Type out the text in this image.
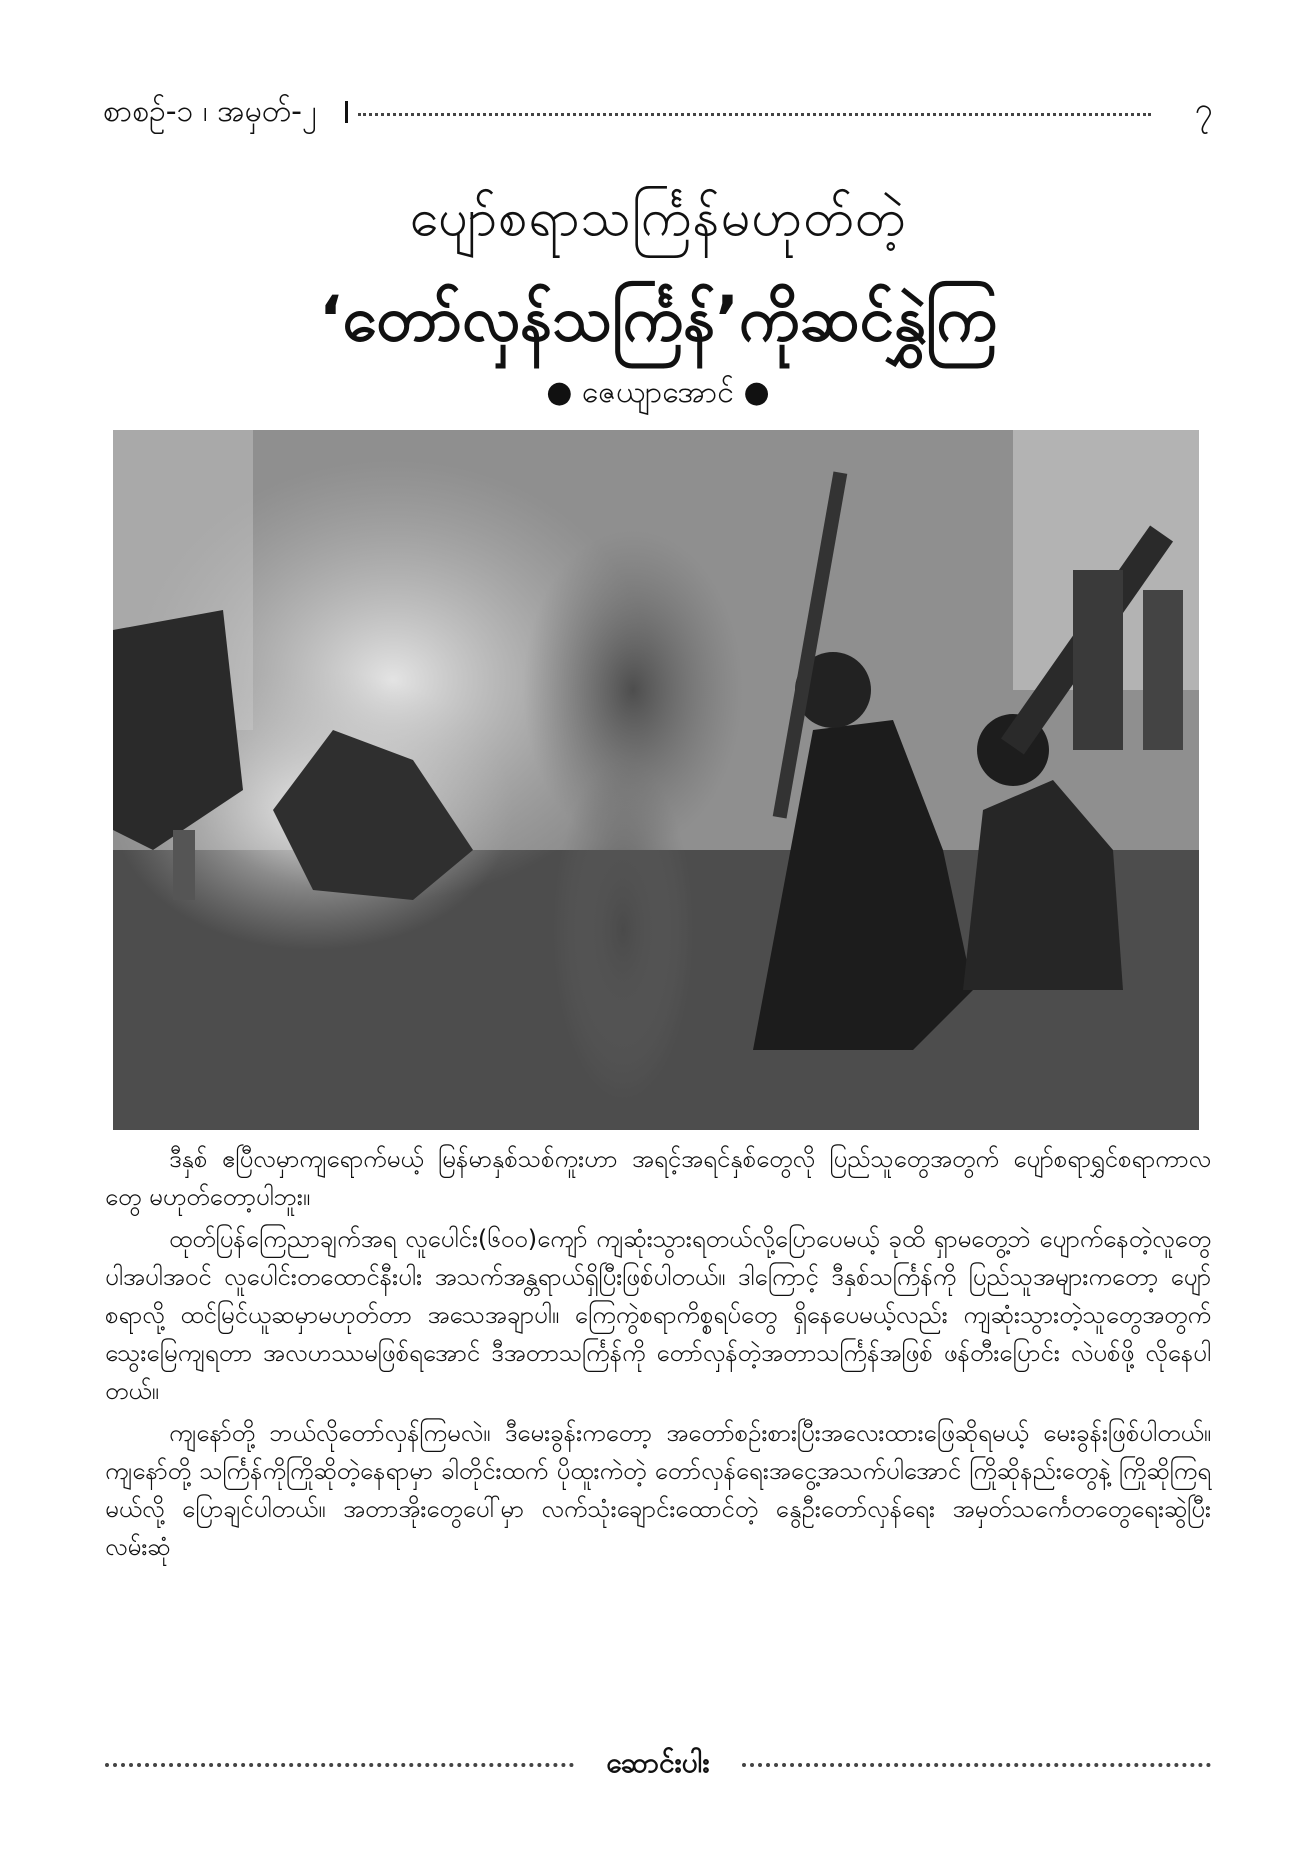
စာစဉ်-၁ ၊ အမှတ်-၂	၇
ပျော်စရာသင်္ကြန်မဟုတ်တဲ့
‘တော်လှန်သင်္ကြန်’ကိုဆင်နွှဲကြ
● ဇေယျာအောင် ●

ဒီနှစ် ဧပြီလမှာကျရောက်မယ့် မြန်မာနှစ်သစ်ကူးဟာ အရင့်အရင်နှစ်တွေလို ပြည်သူတွေအတွက် ပျော်စရာရွှင်စရာကာလတွေ မဟုတ်တော့ပါဘူး။

ထုတ်ပြန်ကြေညာချက်အရ လူပေါင်း(၆၀၀)ကျော် ကျဆုံးသွားရတယ်လို့ပြောပေမယ့် ခုထိ ရှာမတွေ့ဘဲ ပျောက်နေတဲ့လူတွေပါအပါအဝင် လူပေါင်းတထောင်နီးပါး အသက်အန္တရာယ်ရှိပြီးဖြစ်ပါတယ်။ ဒါကြောင့် ဒီနှစ်သင်္ကြန်ကို ပြည်သူအများကတော့ ပျော်စရာလို့ ထင်မြင်ယူဆမှာမဟုတ်တာ အသေအချာပါ။ ကြေကွဲစရာကိစ္စရပ်တွေ ရှိနေပေမယ့်လည်း ကျဆုံးသွားတဲ့သူတွေအတွက် သွေးမြေကျရတာ အလဟဿမဖြစ်ရအောင် ဒီအတာသင်္ကြန်ကို တော်လှန်တဲ့အတာသင်္ကြန်အဖြစ် ဖန်တီးပြောင်း လဲပစ်ဖို့ လိုနေပါတယ်။

ကျနော်တို့ ဘယ်လိုတော်လှန်ကြမလဲ။ ဒီမေးခွန်းကတော့ အတော်စဉ်းစားပြီးအလေးထားဖြေဆိုရမယ့် မေးခွန်းဖြစ်ပါတယ်။ ကျနော်တို့ သင်္ကြန်ကိုကြိုဆိုတဲ့နေရာမှာ ခါတိုင်းထက် ပိုထူးကဲတဲ့ တော်လှန်ရေးအငွေ့အသက်ပါအောင် ကြိုဆိုနည်းတွေနဲ့ ကြိုဆိုကြရမယ်လို့ ပြောချင်ပါတယ်။ အတာအိုးတွေပေါ်မှာ လက်သုံးချောင်းထောင်တဲ့ နွေဦးတော်လှန်ရေး အမှတ်သင်္ကေတတွေရေးဆွဲပြီး လမ်းဆုံ

ဆောင်းပါး
